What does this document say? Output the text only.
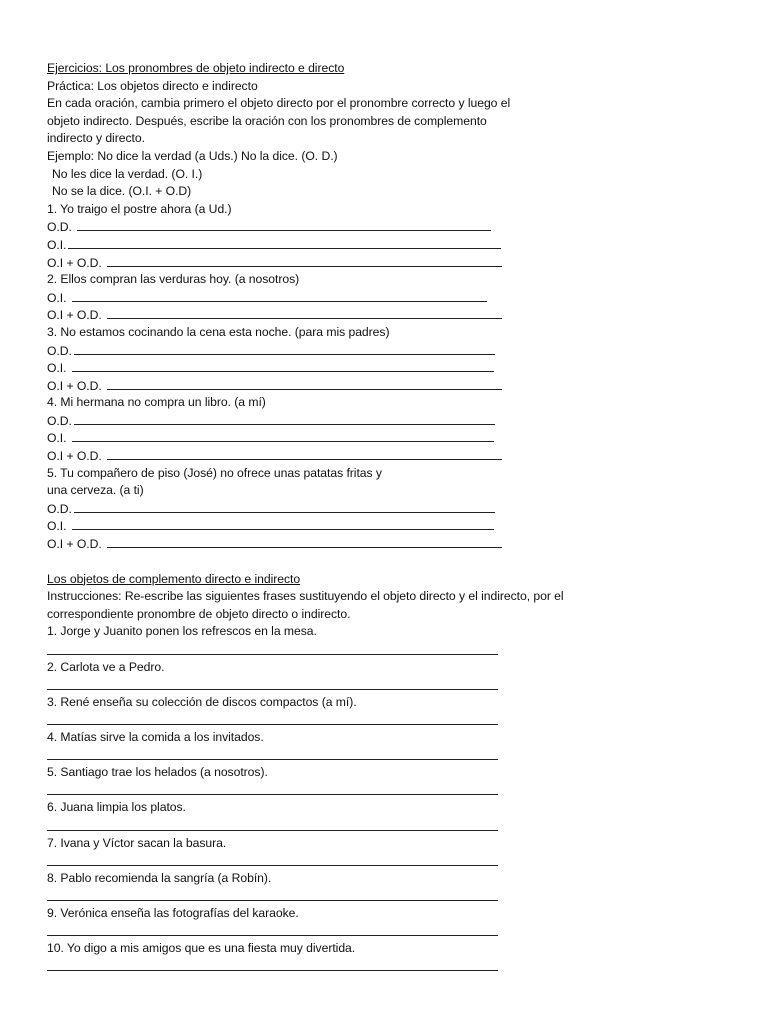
Ejercicios: Los pronombres de objeto indirecto e directo
Práctica: Los objetos directo e indirecto
En cada oración, cambia primero el objeto directo por el pronombre correcto y luego el
objeto indirecto. Después, escribe la oración con los pronombres de complemento
indirecto y directo.
Ejemplo: No dice la verdad (a Uds.) No la dice. (O. D.)
No les dice la verdad. (O. I.)
No se la dice. (O.I. + O.D)
1. Yo traigo el postre ahora (a Ud.)
O.D.
O.I.
O.I + O.D.
2. Ellos compran las verduras hoy. (a nosotros)
O.I.
O.I + O.D.
3. No estamos cocinando la cena esta noche. (para mis padres)
O.D.
O.I.
O.I + O.D.
4. Mi hermana no compra un libro. (a mí)
O.D.
O.I.
O.I + O.D.
5. Tu compañero de piso (José) no ofrece unas patatas fritas y
una cerveza. (a ti)
O.D.
O.I.
O.I + O.D.
Los objetos de complemento directo e indirecto
Instrucciones: Re-escribe las siguientes frases sustituyendo el objeto directo y el indirecto, por el
correspondiente pronombre de objeto directo o indirecto.
1. Jorge y Juanito ponen los refrescos en la mesa.
2. Carlota ve a Pedro.
3. René enseña su colección de discos compactos (a mí).
4. Matías sirve la comida a los invitados.
5. Santiago trae los helados (a nosotros).
6. Juana limpia los platos.
7. Ivana y Víctor sacan la basura.
8. Pablo recomienda la sangría (a Robín).
9. Verónica enseña las fotografías del karaoke.
10. Yo digo a mis amigos que es una fiesta muy divertida.
